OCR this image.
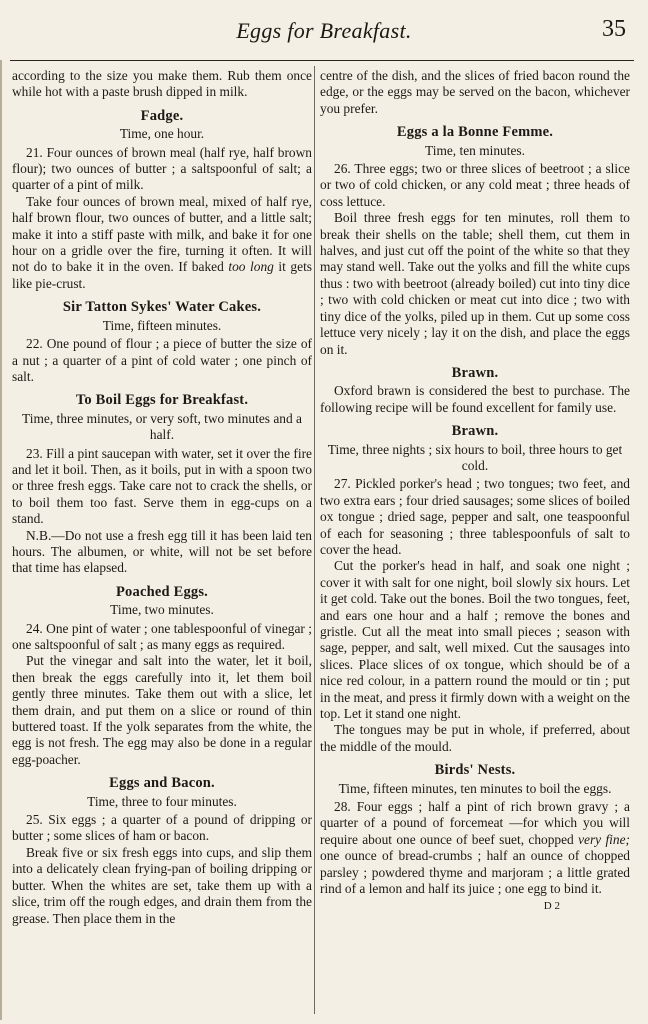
Eggs for Breakfast.	35

according to the size you make them. Rub them once while hot with a paste brush dipped in milk.

Fadge.

Time, one hour.

21. Four ounces of brown meal (half rye, half brown flour); two ounces of butter ; a saltspoonful of salt; a quarter of a pint of milk.

Take four ounces of brown meal, mixed of half rye, half brown flour, two ounces of butter, and a little salt; make it into a stiff paste with milk, and bake it for one hour on a gridle over the fire, turning it often. It will not do to bake it in the oven. If baked too long it gets like pie-crust.

Sir Tatton Sykes' Water Cakes.

Time, fifteen minutes.

22. One pound of flour ; a piece of butter the size of a nut ; a quarter of a pint of cold water ; one pinch of salt.

To Boil Eggs for Breakfast.

Time, three minutes, or very soft, two minutes and a half.

23. Fill a pint saucepan with water, set it over the fire and let it boil. Then, as it boils, put in with a spoon two or three fresh eggs. Take care not to crack the shells, or to boil them too fast. Serve them in egg-cups on a stand.

N.B.—Do not use a fresh egg till it has been laid ten hours. The albumen, or white, will not be set before that time has elapsed.

Poached Eggs.

Time, two minutes.

24. One pint of water ; one tablespoonful of vinegar ; one saltspoonful of salt ; as many eggs as required.

Put the vinegar and salt into the water, let it boil, then break the eggs carefully into it, let them boil gently three minutes. Take them out with a slice, let them drain, and put them on a slice or round of thin buttered toast. If the yolk separates from the white, the egg is not fresh. The egg may also be done in a regular egg-poacher.

Eggs and Bacon.

Time, three to four minutes.

25. Six eggs ; a quarter of a pound of dripping or butter ; some slices of ham or bacon.

Break five or six fresh eggs into cups, and slip them into a delicately clean frying-pan of boiling dripping or butter. When the whites are set, take them up with a slice, trim off the rough edges, and drain them from the grease. Then place them in the

centre of the dish, and the slices of fried bacon round the edge, or the eggs may be served on the bacon, whichever you prefer.

Eggs a la Bonne Femme.

Time, ten minutes.

26. Three eggs; two or three slices of beetroot ; a slice or two of cold chicken, or any cold meat ; three heads of coss lettuce.

Boil three fresh eggs for ten minutes, roll them to break their shells on the table; shell them, cut them in halves, and just cut off the point of the white so that they may stand well. Take out the yolks and fill the white cups thus : two with beetroot (already boiled) cut into tiny dice ; two with cold chicken or meat cut into dice ; two with tiny dice of the yolks, piled up in them. Cut up some coss lettuce very nicely ; lay it on the dish, and place the eggs on it.

Brawn.

Oxford brawn is considered the best to purchase. The following recipe will be found excellent for family use.

Brawn.

Time, three nights ; six hours to boil, three hours to get cold.

27. Pickled porker's head ; two tongues; two feet, and two extra ears ; four dried sausages; some slices of boiled ox tongue ; dried sage, pepper and salt, one teaspoonful of each for seasoning ; three tablespoonfuls of salt to cover the head.

Cut the porker's head in half, and soak one night ; cover it with salt for one night, boil slowly six hours. Let it get cold. Take out the bones. Boil the two tongues, feet, and ears one hour and a half ; remove the bones and gristle. Cut all the meat into small pieces ; season with sage, pepper, and salt, well mixed. Cut the sausages into slices. Place slices of ox tongue, which should be of a nice red colour, in a pattern round the mould or tin ; put in the meat, and press it firmly down with a weight on the top. Let it stand one night.

The tongues may be put in whole, if preferred, about the middle of the mould.

Birds' Nests.

Time, fifteen minutes, ten minutes to boil the eggs.

28. Four eggs ; half a pint of rich brown gravy ; a quarter of a pound of forcemeat —for which you will require about one ounce of beef suet, chopped very fine; one ounce of bread-crumbs ; half an ounce of chopped parsley ; powdered thyme and marjoram ; a little grated rind of a lemon and half its juice ; one egg to bind it.

D 2
